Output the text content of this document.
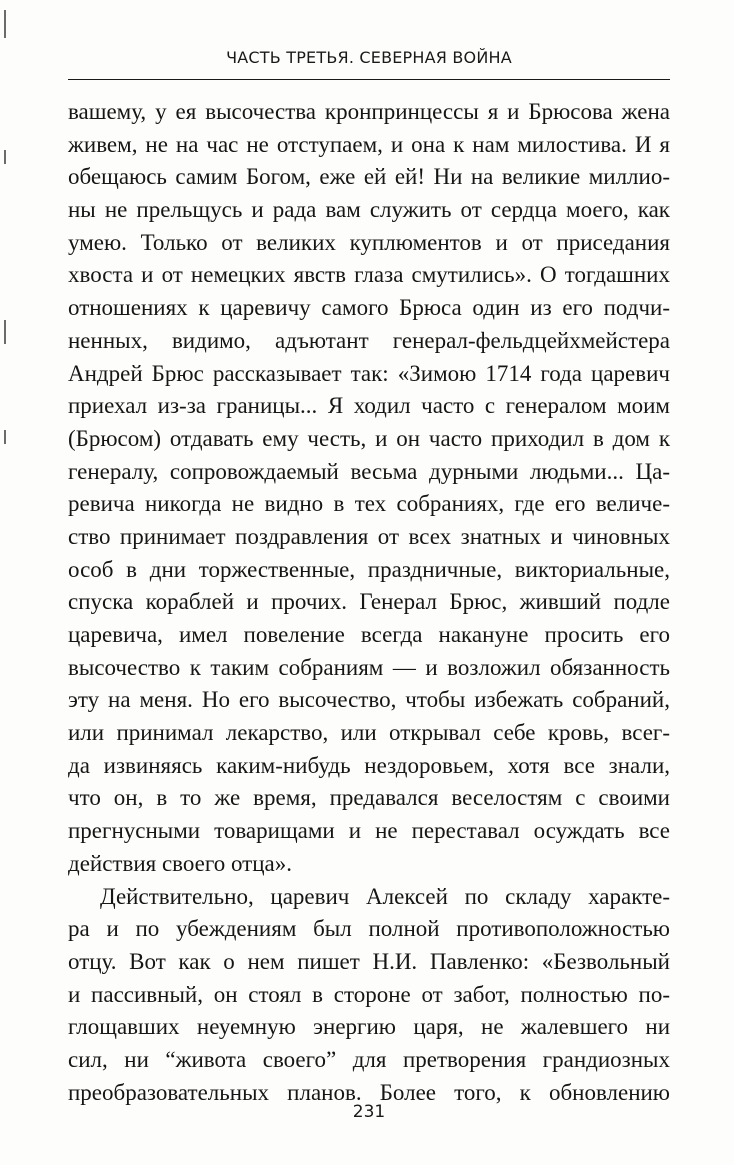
ЧАСТЬ ТРЕТЬЯ. СЕВЕРНАЯ ВОЙНА
вашему, у ея высочества кронпринцессы я и Брюсова жена
живем, не на час не отступаем, и она к нам милостива. И я
обещаюсь самим Богом, еже ей ей! Ни на великие миллио-
ны не прельщусь и рада вам служить от сердца моего, как
умею. Только от великих куплюментов и от приседания
хвоста и от немецких явств глаза смутились». О тогдашних
отношениях к царевичу самого Брюса один из его подчи-
ненных, видимо, адъютант генерал-фельдцейхмейстера
Андрей Брюс рассказывает так: «Зимою 1714 года царевич
приехал из-за границы... Я ходил часто с генералом моим
(Брюсом) отдавать ему честь, и он часто приходил в дом к
генералу, сопровождаемый весьма дурными людьми... Ца-
ревича никогда не видно в тех собраниях, где его величе-
ство принимает поздравления от всех знатных и чиновных
особ в дни торжественные, праздничные, викториальные,
спуска кораблей и прочих. Генерал Брюс, живший подле
царевича, имел повеление всегда накануне просить его
высочество к таким собраниям — и возложил обязанность
эту на меня. Но его высочество, чтобы избежать собраний,
или принимал лекарство, или открывал себе кровь, всег-
да извиняясь каким-нибудь нездоровьем, хотя все знали,
что он, в то же время, предавался веселостям с своими
прегнусными товарищами и не переставал осуждать все
действия своего отца».
Действительно, царевич Алексей по складу характе-
ра и по убеждениям был полной противоположностью
отцу. Вот как о нем пишет Н.И. Павленко: «Безвольный
и пассивный, он стоял в стороне от забот, полностью по-
глощавших неуемную энергию царя, не жалевшего ни
сил, ни “живота своего” для претворения грандиозных
преобразовательных планов. Более того, к обновлению
231
